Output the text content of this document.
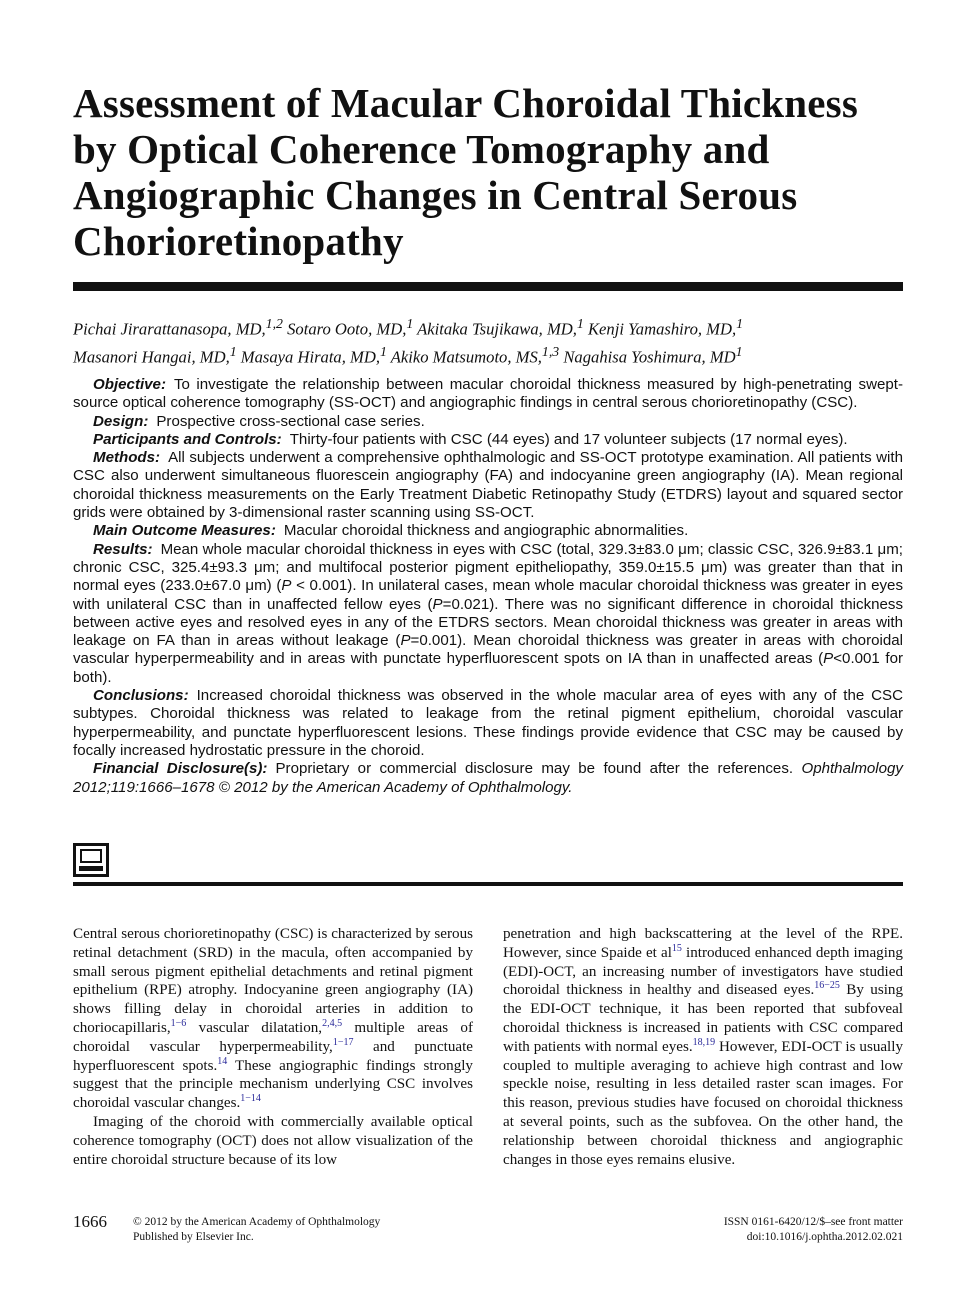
Assessment of Macular Choroidal Thickness
by Optical Coherence Tomography and
Angiographic Changes in Central Serous
Chorioretinopathy
Pichai Jirarattanasopa, MD,$^{1,2}$ Sotaro Ooto, MD,$^1$ Akitaka Tsujikawa, MD,$^1$ Kenji Yamashiro, MD,$^1$
Masanori Hangai, MD,$^1$ Masaya Hirata, MD,$^1$ Akiko Matsumoto, MS,$^{1,3}$ Nagahisa Yoshimura, $MD^1$

Objective: To investigate the relationship between macular choroidal thickness measured by high-penetrating swept-source optical coherence tomography (SS-OCT) and angiographic findings in central serous chorioretinopathy (CSC).

Design: Prospective cross-sectional case series.

Participants and Controls: Thirty-four patients with CSC (44 eyes) and 17 volunteer subjects (17 normal eyes).

Methods: All subjects underwent a comprehensive ophthalmologic and SS-OCT prototype examination. All patients with CSC also underwent simultaneous fluorescein angiography (FA) and indocyanine green angiography (IA). Mean regional choroidal thickness measurements on the Early Treatment Diabetic Retinopathy Study (ETDRS) layout and squared sector grids were obtained by 3-dimensional raster scanning using SS-OCT.

Main Outcome Measures: Macular choroidal thickness and angiographic abnormalities.

Results: Mean whole macular choroidal thickness in eyes with CSC (total, 329.3±83.0 μm; classic CSC, 326.9±83.1 μm; chronic CSC, 325.4±93.3 μm; and multifocal posterior pigment epitheliopathy, 359.0±15.5 μm) was greater than that in normal eyes (233.0±67.0 μm) (P < 0.001). In unilateral cases, mean whole macular choroidal thickness was greater in eyes with unilateral CSC than in unaffected fellow eyes (P=0.021). There was no significant difference in choroidal thickness between active eyes and resolved eyes in any of the ETDRS sectors. Mean choroidal thickness was greater in areas with leakage on FA than in areas without leakage (P=0.001). Mean choroidal thickness was greater in areas with choroidal vascular hyperpermeability and in areas with punctate hyperfluorescent spots on IA than in unaffected areas (P<0.001 for both).

Conclusions: Increased choroidal thickness was observed in the whole macular area of eyes with any of the CSC subtypes. Choroidal thickness was related to leakage from the retinal pigment epithelium, choroidal vascular hyperpermeability, and punctate hyperfluorescent lesions. These findings provide evidence that CSC may be caused by focally increased hydrostatic pressure in the choroid.

Financial Disclosure(s): Proprietary or commercial disclosure may be found after the references. Ophthalmology 2012;119:1666–1678 © 2012 by the American Academy of Ophthalmology.

Central serous chorioretinopathy (CSC) is characterized by serous retinal detachment (SRD) in the macula, often accompanied by small serous pigment epithelial detachments and retinal pigment epithelium (RPE) atrophy. Indocyanine green angiography (IA) shows filling delay in choroidal arteries in addition to choriocapillaris,$^{1-6}$ vascular dilatation,$^{2,4,5}$ multiple areas of choroidal vascular hyperpermeability,$^{1-17}$ and punctuate hyperfluorescent spots.$^{14}$ These angiographic findings strongly suggest that the principle mechanism underlying CSC involves choroidal vascular changes.$^{1-14}$

Imaging of the choroid with commercially available optical coherence tomography (OCT) does not allow visualization of the entire choroidal structure because of its low

penetration and high backscattering at the level of the RPE. However, since Spaide et $al^{15}$ introduced enhanced depth imaging (EDI)-OCT, an increasing number of investigators have studied choroidal thickness in healthy and diseased eyes.$^{16-25}$ By using the EDI-OCT technique, it has been reported that subfoveal choroidal thickness is increased in patients with CSC compared with patients with normal eyes.$^{18,19}$ However, EDI-OCT is usually coupled to multiple averaging to achieve high contrast and low speckle noise, resulting in less detailed raster scan images. For this reason, previous studies have focused on choroidal thickness at several points, such as the subfovea. On the other hand, the relationship between choroidal thickness and angiographic changes in those eyes remains elusive.

1666 © 2012 by the American Academy of Ophthalmology
Published by Elsevier Inc.
ISSN 0161-6420/12/$–see front matter
doi:10.1016/j.ophtha.2012.02.021
